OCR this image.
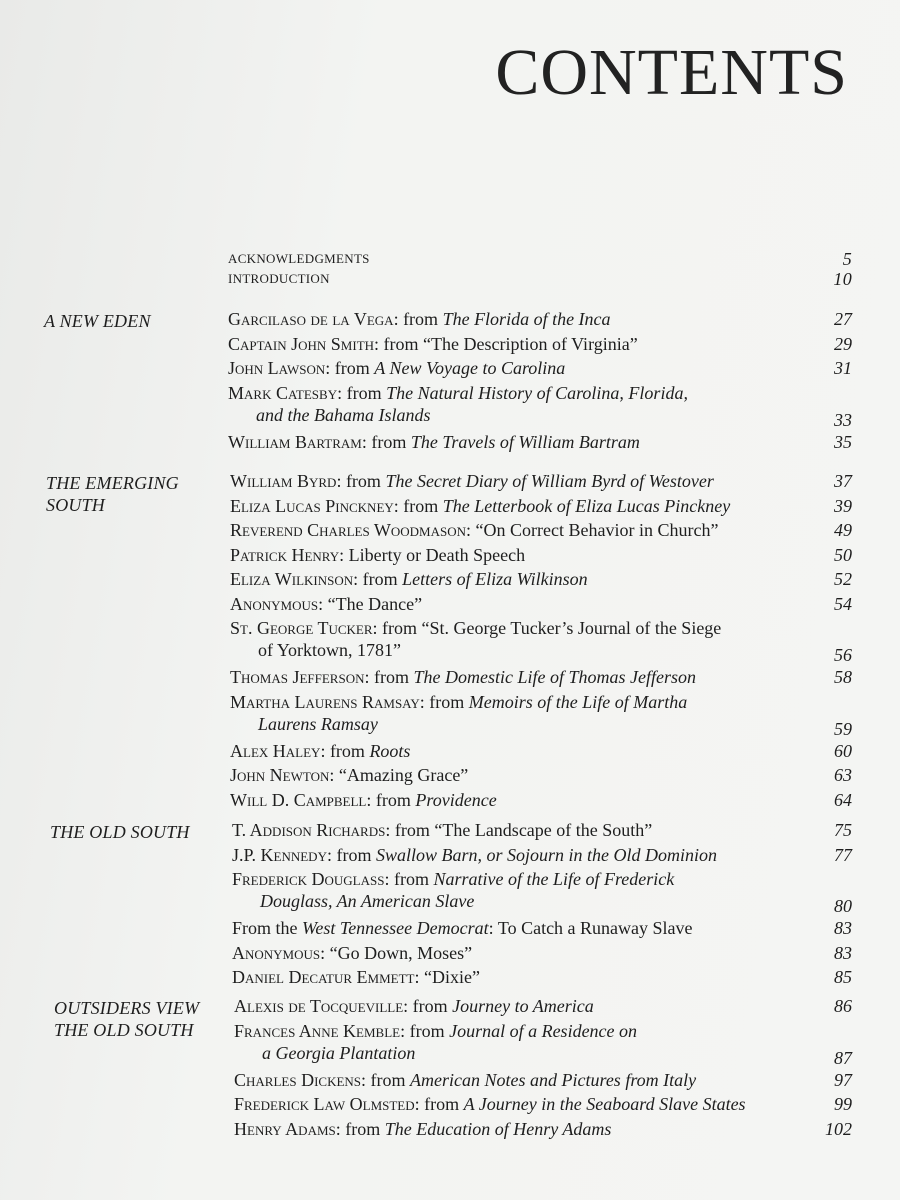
CONTENTS
ACKNOWLEDGMENTS	5
INTRODUCTION	10
A NEW EDEN	Garcilaso de la Vega: from The Florida of the Inca	27
Captain John Smith: from “The Description of Virginia”	29
John Lawson: from A New Voyage to Carolina	31
Mark Catesby: from The Natural History of Carolina, Florida,
and the Bahama Islands	33
William Bartram: from The Travels of William Bartram	35
THE EMERGING
SOUTH
William Byrd: from The Secret Diary of William Byrd of Westover	37
Eliza Lucas Pinckney: from The Letterbook of Eliza Lucas Pinckney	39
Reverend Charles Woodmason: “On Correct Behavior in Church”	49
Patrick Henry: Liberty or Death Speech	50
Eliza Wilkinson: from Letters of Eliza Wilkinson	52
Anonymous: “The Dance”	54
St. George Tucker: from “St. George Tucker’s Journal of the Siege
of Yorktown, 1781”	56
Thomas Jefferson: from The Domestic Life of Thomas Jefferson	58
Martha Laurens Ramsay: from Memoirs of the Life of Martha
Laurens Ramsay	59
Alex Haley: from Roots	60
John Newton: “Amazing Grace”	63
Will D. Campbell: from Providence	64
THE OLD SOUTH T. Addison Richards: from “The Landscape of the South”	75
J.P. Kennedy: from Swallow Barn, or Sojourn in the Old Dominion	77
Frederick Douglass: from Narrative of the Life of Frederick
Douglass, An American Slave	80
From the West Tennessee Democrat: To Catch a Runaway Slave	83
Anonymous: “Go Down, Moses”	83
Daniel Decatur Emmett: “Dixie”	85
OUTSIDERS VIEW
THE OLD SOUTH
Alexis de Tocqueville: from Journey to America	86
Frances Anne Kemble: from Journal of a Residence on
a Georgia Plantation	87
Charles Dickens: from American Notes and Pictures from Italy	97
Frederick Law Olmsted: from A Journey in the Seaboard Slave States	99
Henry Adams: from The Education of Henry Adams	102
